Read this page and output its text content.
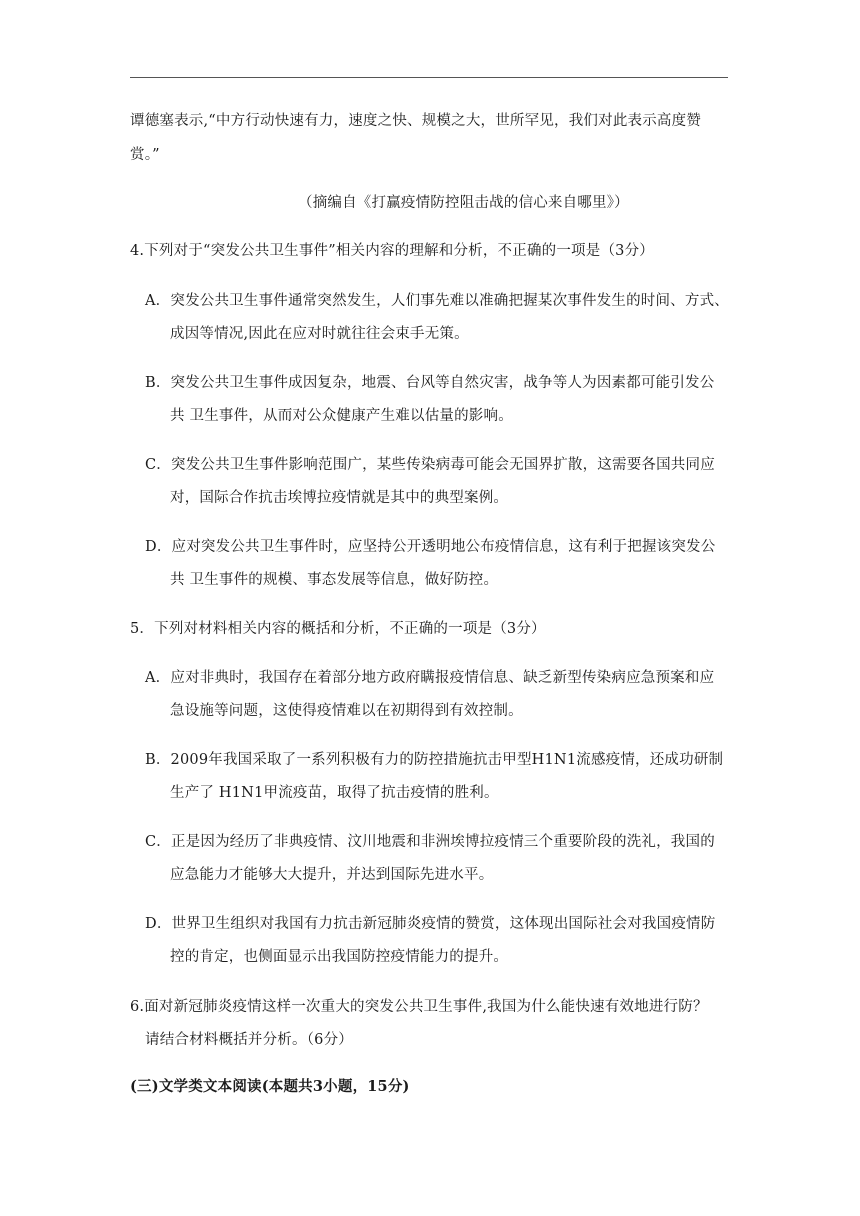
谭德塞表示,“中方行动快速有力，速度之快、规模之大，世所罕见，我们对此表示高度赞
赏。”
（摘编自《打赢疫情防控阻击战的信心来自哪里》）
4.下列对于“突发公共卫生事件”相关内容的理解和分析，不正确的一项是（3分）
A．突发公共卫生事件通常突然发生，人们事先难以准确把握某次事件发生的时间、方式、
成因等情况,因此在应对时就往往会束手无策。
B．突发公共卫生事件成因复杂，地震、台风等自然灾害，战争等人为因素都可能引发公
共 卫生事件，从而对公众健康产生难以估量的影响。
C．突发公共卫生事件影响范围广，某些传染病毒可能会无国界扩散，这需要各国共同应
对，国际合作抗击埃博拉疫情就是其中的典型案例。
D．应对突发公共卫生事件时，应坚持公开透明地公布疫情信息，这有利于把握该突发公
共 卫生事件的规模、事态发展等信息，做好防控。
5．下列对材料相关内容的概括和分析，不正确的一项是（3分）
A．应对非典时，我国存在着部分地方政府瞒报疫情信息、缺乏新型传染病应急预案和应
急设施等问题，这使得疫情难以在初期得到有效控制。
B．2009年我国采取了一系列积极有力的防控措施抗击甲型H1N1流感疫情，还成功研制
生产了 H1N1甲流疫苗，取得了抗击疫情的胜利。
C．正是因为经历了非典疫情、汶川地震和非洲埃博拉疫情三个重要阶段的洗礼，我国的
应急能力才能够大大提升，并达到国际先进水平。
D．世界卫生组织对我国有力抗击新冠肺炎疫情的赞赏，这体现出国际社会对我国疫情防
控的肯定，也侧面显示出我国防控疫情能力的提升。
6.面对新冠肺炎疫情这样一次重大的突发公共卫生事件,我国为什么能快速有效地进行防？
请结合材料概括并分析。（6分）
(三)文学类文本阅读(本题共3小题，15分)
